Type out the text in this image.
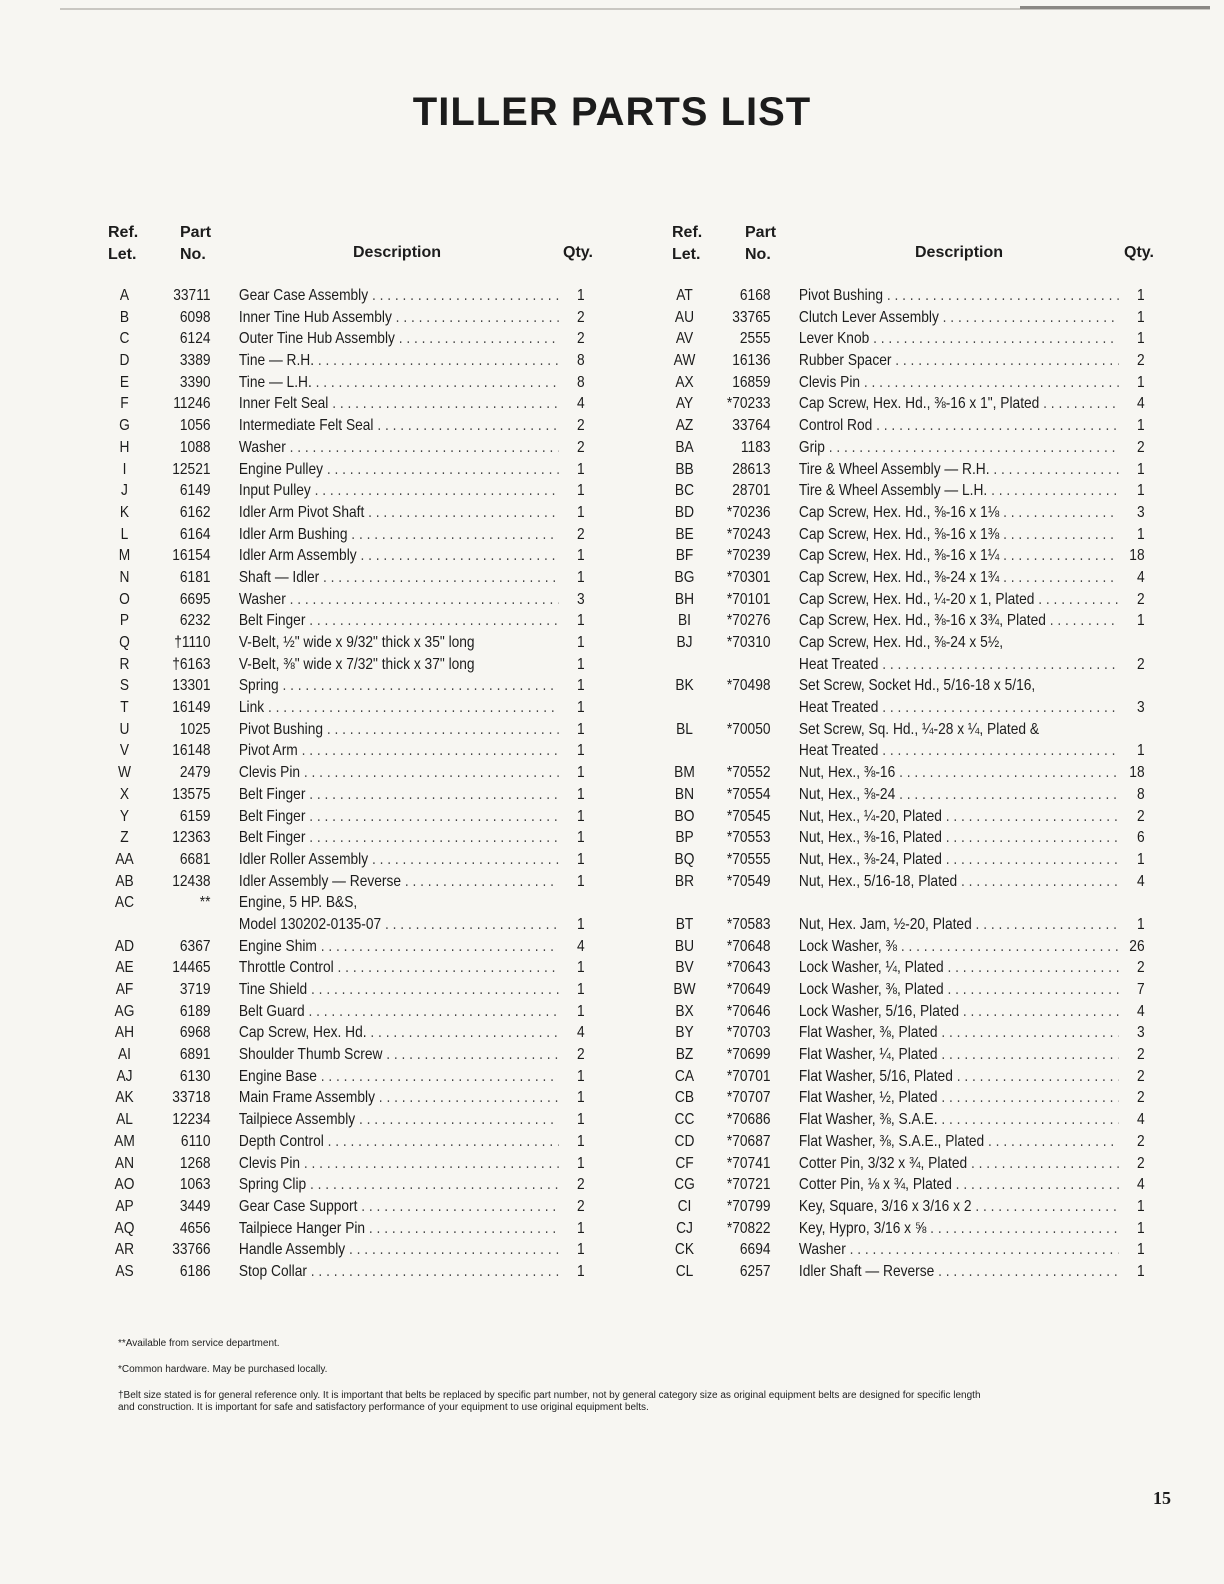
TILLER PARTS LIST
Ref.
Let.
Part
No.	Description	Qty.
Ref.
Let.
Part
No.	Description	Qty.
A	33711 Gear Case Assembly . . .	1
B	6098 Inner Tine Hub Assembly . . .	2
C	6124 Outer Tine Hub Assembly . . .	2
D	3389 Tine — R.H. . . .	8
E	3390 Tine — L.H. . . .	8
F	11246 Inner Felt Seal . . .	4
G	1056 Intermediate Felt Seal . . .	2
H	1088 Washer . . .	2
I	12521 Engine Pulley . . .	1
J	6149 Input Pulley . . .	1
K	6162 Idler Arm Pivot Shaft . . .	1
L	6164 Idler Arm Bushing . . .	2
M	16154 Idler Arm Assembly . . .	1
N	6181 Shaft — Idler . . .	1
O	6695 Washer . . .	3
P	6232 Belt Finger . . .	1
Q	†1110 V-Belt, ½" wide x 9/32" thick x 35" long	1
R	†6163 V-Belt, ⅜" wide x 7/32" thick x 37" long	1
S	13301 Spring . . .	1
T	16149 Link . . .	1
U	1025 Pivot Bushing . . .	1
V	16148 Pivot Arm . . .	1
W	2479 Clevis Pin . . .	1
X	13575 Belt Finger . . .	1
Y	6159 Belt Finger . . .	1
Z	12363 Belt Finger . . .	1
AA	6681 Idler Roller Assembly . . .	1
AB	12438 Idler Assembly — Reverse . . .	1
AC	** Engine, 5 HP. B&S,
Model 130202-0135-07 . . .	1
AD	6367 Engine Shim . . .	4
AE	14465 Throttle Control . . .	1
AF	3719 Tine Shield . . .	1
AG	6189 Belt Guard . . .	1
AH	6968 Cap Screw, Hex. Hd. . . .	4
AI	6891 Shoulder Thumb Screw . . .	2
AJ	6130 Engine Base . . .	1
AK	33718 Main Frame Assembly . . .	1
AL	12234 Tailpiece Assembly . . .	1
AM	6110 Depth Control . . .	1
AN	1268 Clevis Pin . . .	1
AO	1063 Spring Clip . . .	2
AP	3449 Gear Case Support . . .	2
AQ	4656 Tailpiece Hanger Pin . . .	1
AR	33766 Handle Assembly . . .	1
AS	6186 Stop Collar . . .	1
AT	6168 Pivot Bushing . . .	1
AU	33765 Clutch Lever Assembly . . .	1
AV	2555 Lever Knob . . .	1
AW	16136 Rubber Spacer . . .	2
AX	16859 Clevis Pin . . .	1
AY	*70233 Cap Screw, Hex. Hd., ⅜-16 x 1", Plated . . .	4
AZ	33764 Control Rod . . .	1
BA	1183 Grip . . .	2
BB	28613 Tire & Wheel Assembly — R.H. . . .	1
BC	28701 Tire & Wheel Assembly — L.H. . . .	1
BD	*70236 Cap Screw, Hex. Hd., ⅜-16 x 1⅛ . . .	3
BE	*70243 Cap Screw, Hex. Hd., ⅜-16 x 1⅜ . . .	1
BF	*70239 Cap Screw, Hex. Hd., ⅜-16 x 1¼ . . .	18
BG	*70301 Cap Screw, Hex. Hd., ⅜-24 x 1¾ . . .	4
BH	*70101 Cap Screw, Hex. Hd., ¼-20 x 1, Plated . . .	2
BI	*70276 Cap Screw, Hex. Hd., ⅜-16 x 3¾, Plated . . .	1
BJ	*70310 Cap Screw, Hex. Hd., ⅜-24 x 5½,
Heat Treated . . .	2
BK	*70498 Set Screw, Socket Hd., 5/16-18 x 5/16,
Heat Treated . . .	3
BL	*70050 Set Screw, Sq. Hd., ¼-28 x ¼, Plated &
Heat Treated . . .	1
BM	*70552 Nut, Hex., ⅜-16 . . .	18
BN	*70554 Nut, Hex., ⅜-24 . . .	8
BO	*70545 Nut, Hex., ¼-20, Plated . . .	2
BP	*70553 Nut, Hex., ⅜-16, Plated . . .	6
BQ	*70555 Nut, Hex., ⅜-24, Plated . . .	1
BR	*70549 Nut, Hex., 5/16-18, Plated . . .	4
BT	*70583 Nut, Hex. Jam, ½-20, Plated . . .	1
BU	*70648 Lock Washer, ⅜ . . .	26
BV	*70643 Lock Washer, ¼, Plated . . .	2
BW	*70649 Lock Washer, ⅜, Plated . . .	7
BX	*70646 Lock Washer, 5/16, Plated . . .	4
BY	*70703 Flat Washer, ⅜, Plated . . .	3
BZ	*70699 Flat Washer, ¼, Plated . . .	2
CA	*70701 Flat Washer, 5/16, Plated . . .	2
CB	*70707 Flat Washer, ½, Plated . . .	2
CC	*70686 Flat Washer, ⅜, S.A.E. . . .	4
CD	*70687 Flat Washer, ⅜, S.A.E., Plated . . .	2
CF	*70741 Cotter Pin, 3/32 x ¾, Plated . . .	2
CG	*70721 Cotter Pin, ⅛ x ¾, Plated . . .	4
CI	*70799 Key, Square, 3/16 x 3/16 x 2 . . .	1
CJ	*70822 Key, Hypro, 3/16 x ⅝ . . .	1
CK	6694 Washer . . .	1
CL	6257 Idler Shaft — Reverse . . .	1

**Available from service department.

*Common hardware. May be purchased locally.

†Belt size stated is for general reference only. It is important that belts be replaced by specific part number, not by general category size as original equipment belts are designed for specific length and construction. It is important for safe and satisfactory performance of your equipment to use original equipment belts.

15
